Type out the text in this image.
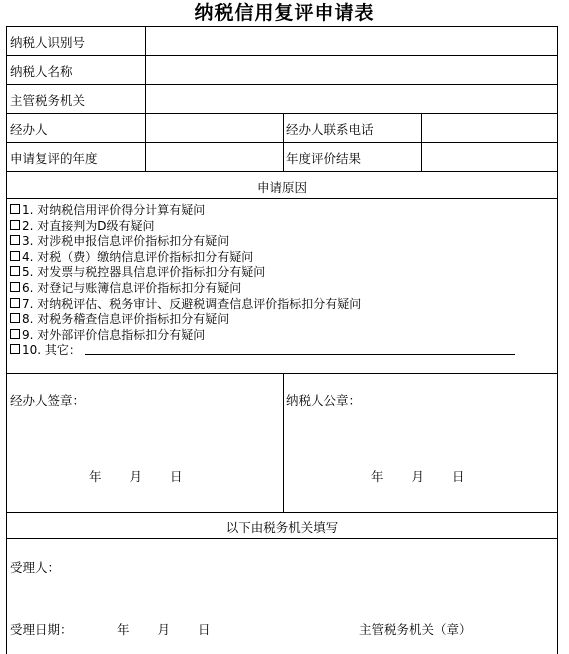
纳税信用复评申请表
纳税人识别号
纳税人名称
主管税务机关
经办人	经办人联系电话
申请复评的年度	年度评价结果
申请原因
1. 对纳税信用评价得分计算有疑问
2. 对直接判为D级有疑问
3. 对涉税申报信息评价指标扣分有疑问
4. 对税（费）缴纳信息评价指标扣分有疑问
5. 对发票与税控器具信息评价指标扣分有疑问
6. 对登记与账簿信息评价指标扣分有疑问
7. 对纳税评估、税务审计、反避税调查信息评价指标扣分有疑问
8. 对税务稽查信息评价指标扣分有疑问
9. 对外部评价信息指标扣分有疑问
10. 其它：
经办人签章：	纳税人公章：
年 月 日	年 月 日
以下由税务机关填写
受理人：
受理日期：	年 月 日	主管税务机关（章）
